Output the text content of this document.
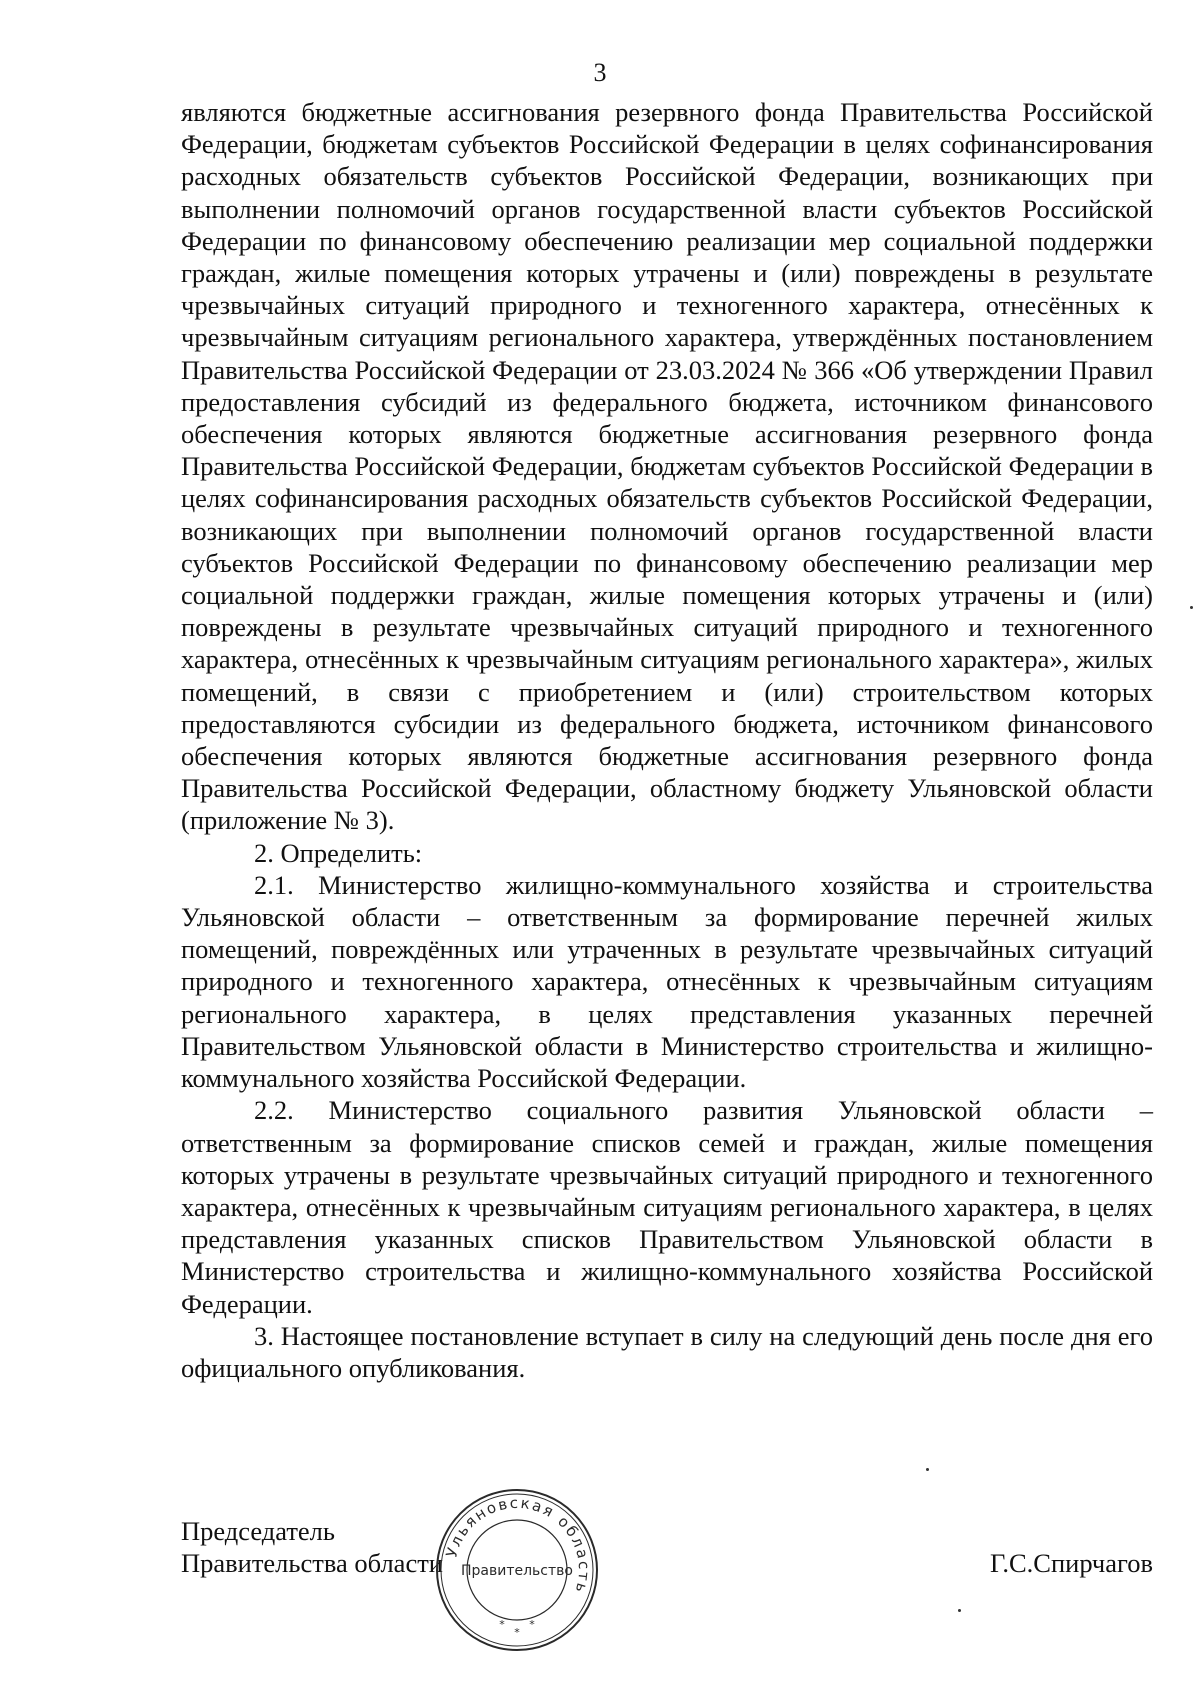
3

являются бюджетные ассигнования резервного фонда Правительства Российской Федерации, бюджетам субъектов Российской Федерации в целях софинансирования расходных обязательств субъектов Российской Федерации, возникающих при выполнении полномочий органов государственной власти субъектов Российской Федерации по финансовому обеспечению реализации мер социальной поддержки граждан, жилые помещения которых утрачены и (или) повреждены в результате чрезвычайных ситуаций природного и техногенного характера, отнесённых к чрезвычайным ситуациям регионального характера, утверждённых постановлением Правительства Российской Федерации от 23.03.2024 № 366 «Об утверждении Правил предоставления субсидий из федерального бюджета, источником финансового обеспечения которых являются бюджетные ассигнования резервного фонда Правительства Российской Федерации, бюджетам субъектов Российской Федерации в целях софинансирования расходных обязательств субъектов Российской Федерации, возникающих при выполнении полномочий органов государственной власти субъектов Российской Федерации по финансовому обеспечению реализации мер социальной поддержки граждан, жилые помещения которых утрачены и (или) повреждены в результате чрезвычайных ситуаций природного и техногенного характера, отнесённых к чрезвычайным ситуациям регионального характера», жилых помещений, в связи с приобретением и (или) строительством которых предоставляются субсидии из федерального бюджета, источником финансового обеспечения которых являются бюджетные ассигнования резервного фонда Правительства Российской Федерации, областному бюджету Ульяновской области (приложение № 3).

2. Определить:

2.1. Министерство жилищно-коммунального хозяйства и строительства Ульяновской области – ответственным за формирование перечней жилых помещений, повреждённых или утраченных в результате чрезвычайных ситуаций природного и техногенного характера, отнесённых к чрезвычайным ситуациям регионального характера, в целях представления указанных перечней Правительством Ульяновской области в Министерство строительства и жилищно-коммунального хозяйства Российской Федерации.

2.2. Министерство социального развития Ульяновской области – ответственным за формирование списков семей и граждан, жилые помещения которых утрачены в результате чрезвычайных ситуаций природного и техногенного характера, отнесённых к чрезвычайным ситуациям регионального характера, в целях представления указанных списков Правительством Ульяновской области в Министерство строительства и жилищно-коммунального хозяйства Российской Федерации.

3. Настоящее постановление вступает в силу на следующий день после дня его официального опубликования.

Председатель
Правительства области	Г.С.Спирчагов
Ульяновская область
Правительство
* *
*
